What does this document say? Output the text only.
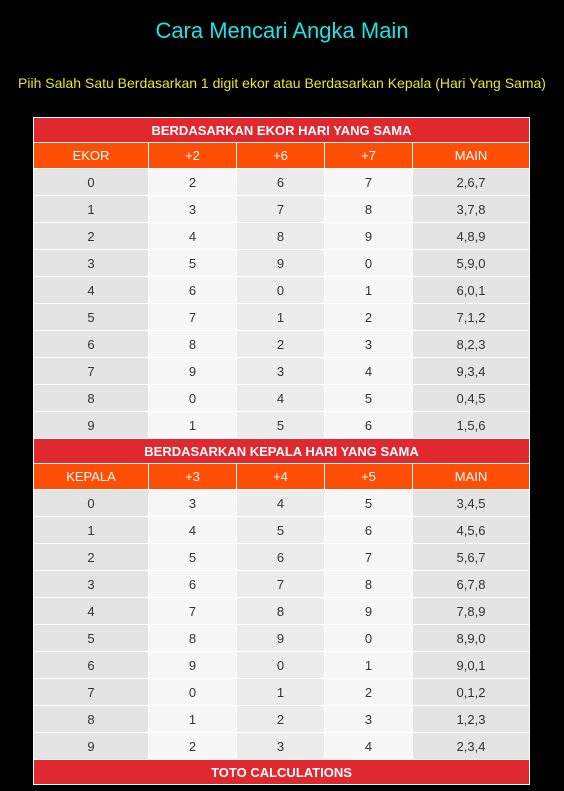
Cara Mencari Angka Main
Piih Salah Satu Berdasarkan 1 digit ekor atau Berdasarkan Kepala (Hari Yang Sama)
BERDASARKAN EKOR HARI YANG SAMA				
EKOR	+2	+6	+7	MAIN
0	2	6	7	2,6,7
1	3	7	8	3,7,8
2	4	8	9	4,8,9
3	5	9	0	5,9,0
4	6	0	1	6,0,1
5	7	1	2	7,1,2
6	8	2	3	8,2,3
7	9	3	4	9,3,4
8	0	4	5	0,4,5
9	1	5	6	1,5,6
BERDASARKAN KEPALA HARI YANG SAMA				
KEPALA	+3	+4	+5	MAIN
0	3	4	5	3,4,5
1	4	5	6	4,5,6
2	5	6	7	5,6,7
3	6	7	8	6,7,8
4	7	8	9	7,8,9
5	8	9	0	8,9,0
6	9	0	1	9,0,1
7	0	1	2	0,1,2
8	1	2	3	1,2,3
9	2	3	4	2,3,4
TOTO CALCULATIONS				
